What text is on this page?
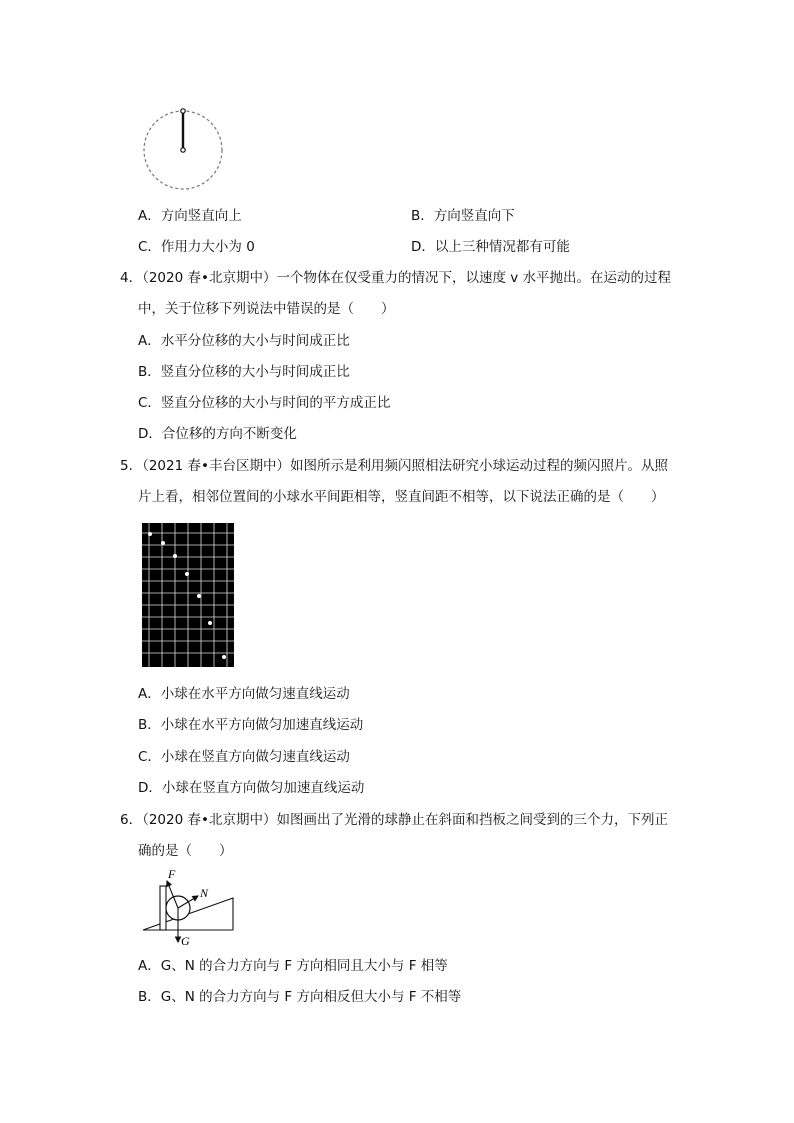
A．方向竖直向上	B．方向竖直向下
C．作用力大小为 0	D．以上三种情况都有可能
4．（2020 春•北京期中）一个物体在仅受重力的情况下，以速度 v 水平抛出。在运动的过程
中，关于位移下列说法中错误的是（　　）
A．水平分位移的大小与时间成正比
B．竖直分位移的大小与时间成正比
C．竖直分位移的大小与时间的平方成正比
D．合位移的方向不断变化
5．（2021 春•丰台区期中）如图所示是利用频闪照相法研究小球运动过程的频闪照片。从照
片上看，相邻位置间的小球水平间距相等，竖直间距不相等，以下说法正确的是（　　）
A．小球在水平方向做匀速直线运动
B．小球在水平方向做匀加速直线运动
C．小球在竖直方向做匀速直线运动
D．小球在竖直方向做匀加速直线运动
6．（2020 春•北京期中）如图画出了光滑的球静止在斜面和挡板之间受到的三个力，下列正
确的是（　　）
F
N
G
A．G、N 的合力方向与 F 方向相同且大小与 F 相等
B．G、N 的合力方向与 F 方向相反但大小与 F 不相等
